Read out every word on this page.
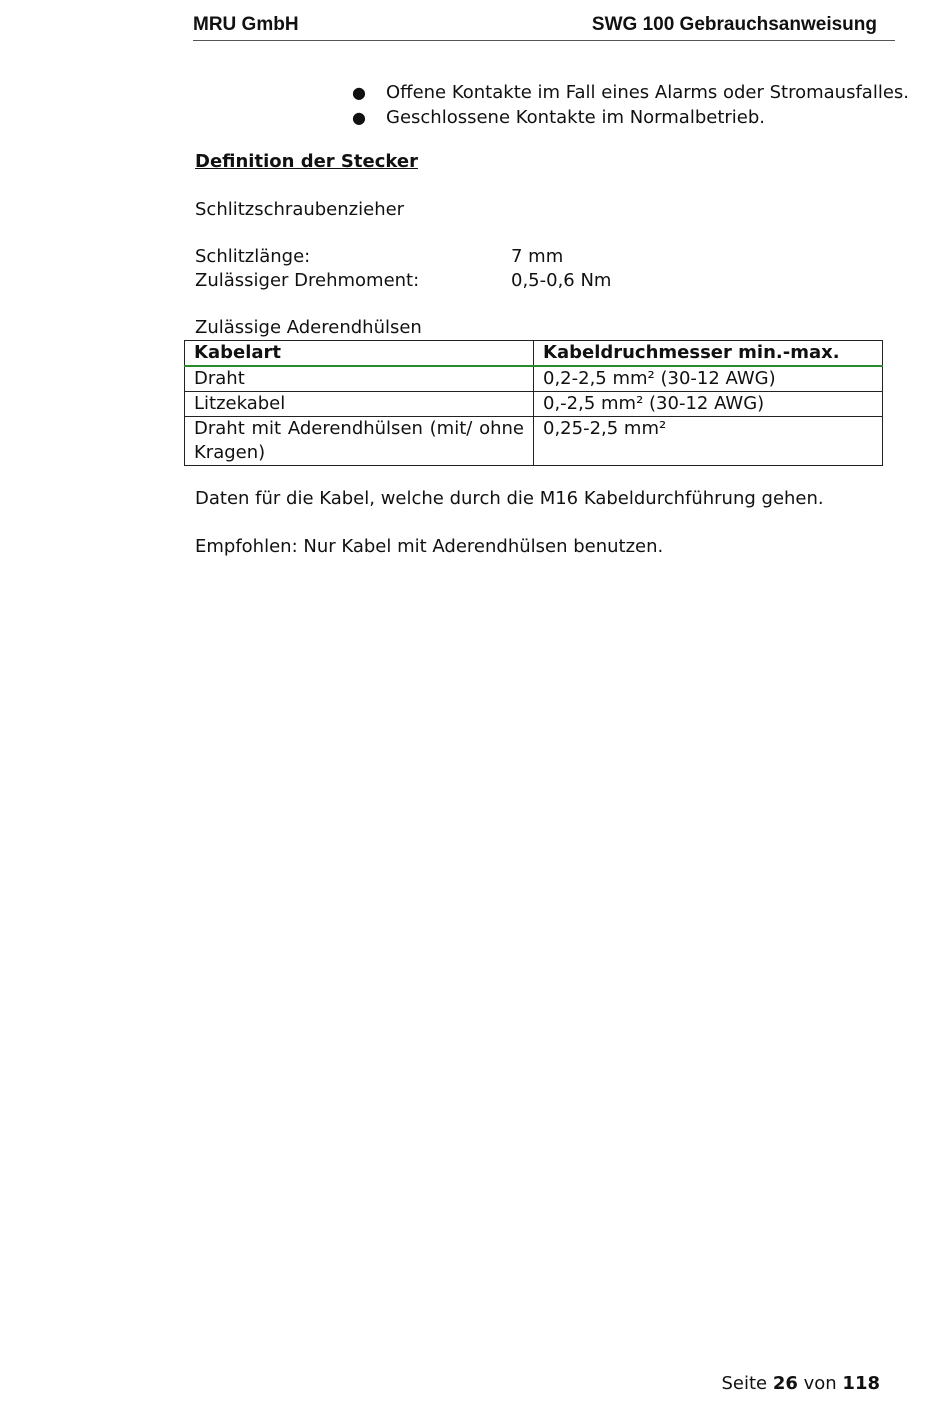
MRU GmbH	SWG 100 Gebrauchsanweisung
● Offene Kontakte im Fall eines Alarms oder Stromausfalles.
● Geschlossene Kontakte im Normalbetrieb.
Definition der Stecker
Schlitzschraubenzieher
Schlitzlänge:	7 mm
Zulässiger Drehmoment:	0,5-0,6 Nm
Zulässige Aderendhülsen
Kabelart	Kabeldruchmesser min.-max.
Draht	0,2-2,5 mm² (30-12 AWG)
Litzekabel	0,-2,5 mm² (30-12 AWG)
Draht mit Aderendhülsen (mit/ ohne Kragen)	0,25-2,5 mm²
Daten für die Kabel, welche durch die M16 Kabeldurchführung gehen.
Empfohlen: Nur Kabel mit Aderendhülsen benutzen.
Seite 26 von 118
